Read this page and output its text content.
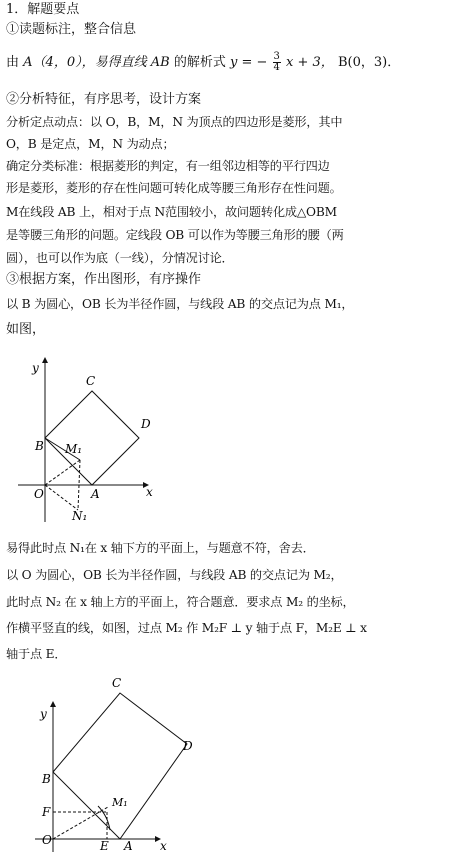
1．解题要点
①读题标注，整合信息
由 A（4，0），易得直线 AB 的解析式 y = − $\frac{3}{4}$ x + 3， B(0，3)．
②分析特征，有序思考，设计方案
分析定点动点：以 O，B，M，N 为顶点的四边形是菱形，其中
O，B 是定点，M，N 为动点；
确定分类标准：根据菱形的判定，有一组邻边相等的平行四边
形是菱形，菱形的存在性问题可转化成等腰三角形存在性问题。
M在线段 AB 上，相对于点 N范围较小，故问题转化成△OBM
是等腰三角形的问题。定线段 OB 可以作为等腰三角形的腰（两
圆），也可以作为底（一线），分情况讨论．
③根据方案，作出图形，有序操作
以 B 为圆心，OB 长为半径作圆，与线段 AB 的交点记为点 M₁，
如图，
y
x
C
D
B M₁
O	A
N₁
易得此时点 N₁在 x 轴下方的平面上，与题意不符，舍去．
以 O 为圆心，OB 长为半径作圆，与线段 AB 的交点记为 M₂，
此时点 N₂ 在 x 轴上方的平面上，符合题意．要求点 M₂ 的坐标，
作横平竖直的线，如图，过点 M₂ 作 M₂F ⊥ y 轴于点 F，M₂E ⊥ x
轴于点 E．
y
x
C
D
B
M₁
F
O	E A
